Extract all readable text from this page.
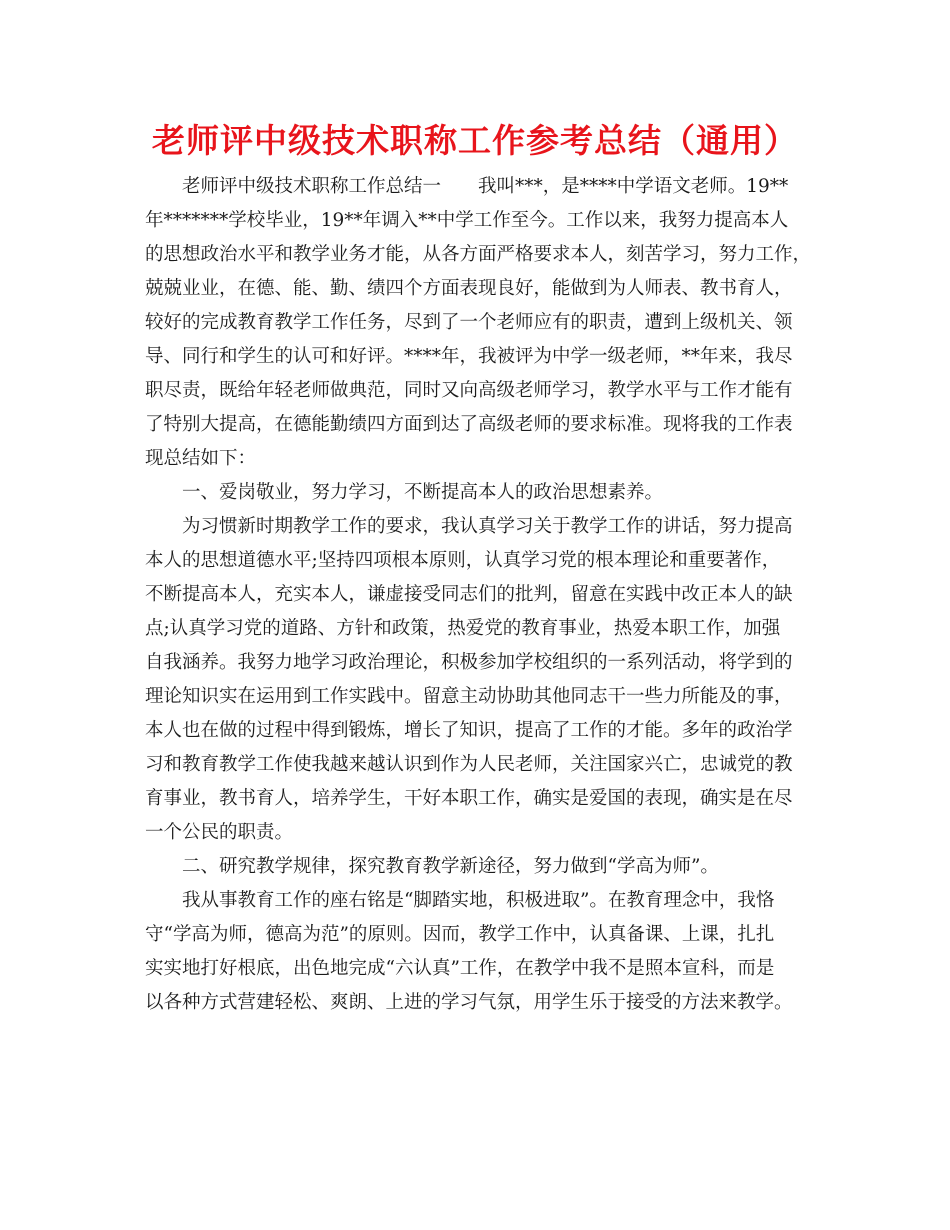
老师评中级技术职称工作参考总结（通用）
　　老师评中级技术职称工作总结一　　我叫***，是****中学语文老师。19**
年*******学校毕业，19**年调入**中学工作至今。工作以来，我努力提高本人
的思想政治水平和教学业务才能，从各方面严格要求本人，刻苦学习，努力工作，
兢兢业业，在德、能、勤、绩四个方面表现良好，能做到为人师表、教书育人，
较好的完成教育教学工作任务，尽到了一个老师应有的职责，遭到上级机关、领
导、同行和学生的认可和好评。****年，我被评为中学一级老师，**年来，我尽
职尽责，既给年轻老师做典范，同时又向高级老师学习，教学水平与工作才能有
了特别大提高，在德能勤绩四方面到达了高级老师的要求标准。现将我的工作表
现总结如下：
　　一、爱岗敬业，努力学习，不断提高本人的政治思想素养。
　　为习惯新时期教学工作的要求，我认真学习关于教学工作的讲话，努力提高
本人的思想道德水平;坚持四项根本原则，认真学习党的根本理论和重要著作，
不断提高本人，充实本人，谦虚接受同志们的批判，留意在实践中改正本人的缺
点;认真学习党的道路、方针和政策，热爱党的教育事业，热爱本职工作，加强
自我涵养。我努力地学习政治理论，积极参加学校组织的一系列活动，将学到的
理论知识实在运用到工作实践中。留意主动协助其他同志干一些力所能及的事，
本人也在做的过程中得到锻炼，增长了知识，提高了工作的才能。多年的政治学
习和教育教学工作使我越来越认识到作为人民老师，关注国家兴亡，忠诚党的教
育事业，教书育人，培养学生，干好本职工作，确实是爱国的表现，确实是在尽
一个公民的职责。
　　二、研究教学规律，探究教育教学新途径，努力做到“学高为师”。
　　我从事教育工作的座右铭是“脚踏实地，积极进取”。在教育理念中，我恪
守“学高为师，德高为范”的原则。因而，教学工作中，认真备课、上课，扎扎
实实地打好根底，出色地完成“六认真”工作，在教学中我不是照本宣科，而是
以各种方式营建轻松、爽朗、上进的学习气氛，用学生乐于接受的方法来教学。
